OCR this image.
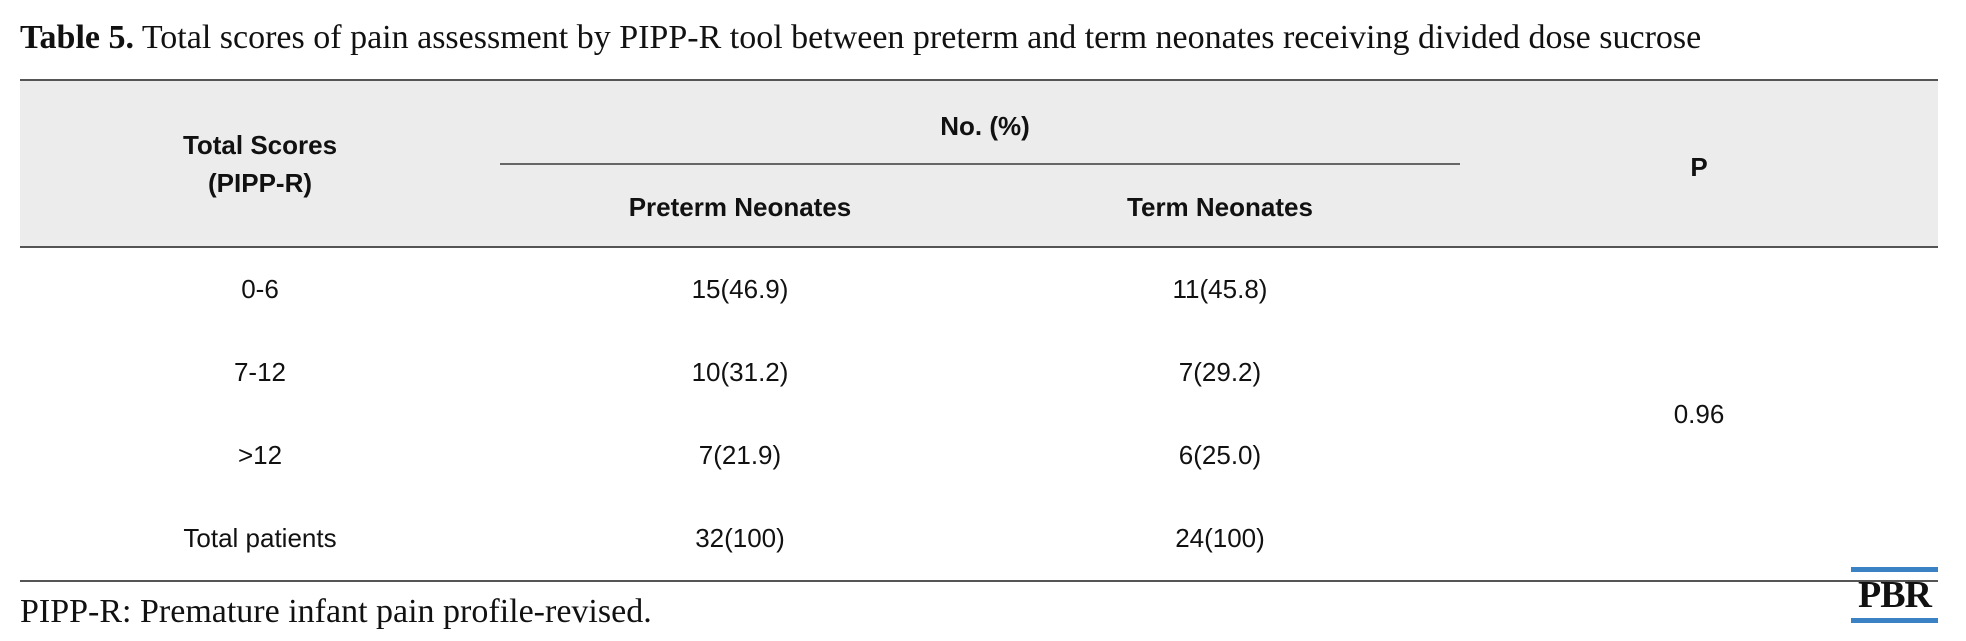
Table 5. Total scores of pain assessment by PIPP-R tool between preterm and term neonates receiving divided dose sucrose
Total Scores
(PIPP-R)
No. (%)
Preterm Neonates	Term Neonates
P
0-6	15(46.9)	11(45.8)
7-12	10(31.2)	7(29.2)
>12	7(21.9)	6(25.0)
Total patients	32(100)	24(100)
0.96
PIPP-R: Premature infant pain profile-revised.	PBR
